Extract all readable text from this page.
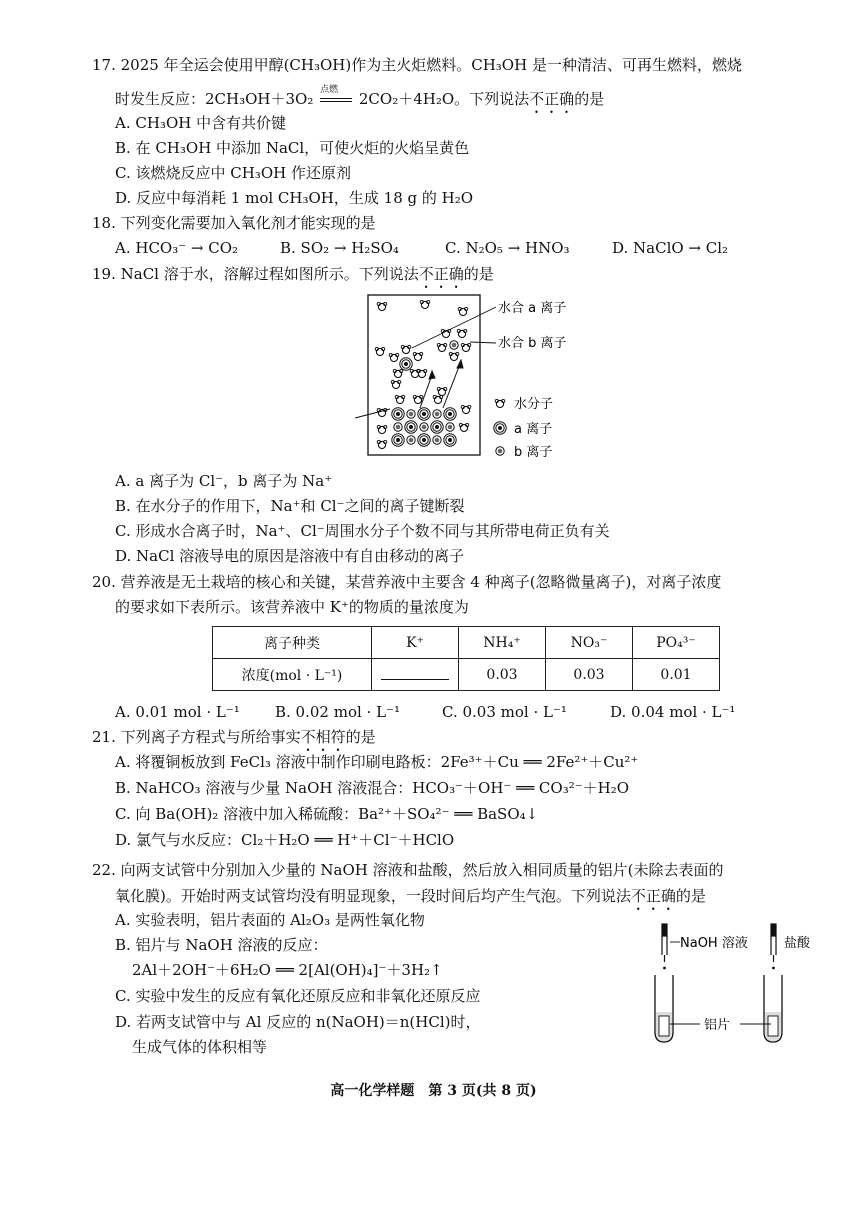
17. 2025 年全运会使用甲醇(CH₃OH)作为主火炬燃料。CH₃OH 是一种清洁、可再生燃料，燃烧
时发生反应：2CH₃OH＋3O₂ 点燃 2CO₂＋4H₂O。下列说法不正确的是
A. CH₃OH 中含有共价键
B. 在 CH₃OH 中添加 NaCl，可使火炬的火焰呈黄色
C. 该燃烧反应中 CH₃OH 作还原剂
D. 反应中每消耗 1 mol CH₃OH，生成 18 g 的 H₂O
18. 下列变化需要加入氧化剂才能实现的是
A. HCO₃⁻ → CO₂	B. SO₂ → H₂SO₄	C. N₂O₅ → HNO₃	D. NaClO → Cl₂
19. NaCl 溶于水，溶解过程如图所示。下列说法不正确的是
水合 a 离子
水合 b 离子
水分子
a 离子
b 离子
A. a 离子为 Cl⁻，b 离子为 Na⁺
B. 在水分子的作用下，Na⁺和 Cl⁻之间的离子键断裂
C. 形成水合离子时，Na⁺、Cl⁻周围水分子个数不同与其所带电荷正负有关
D. NaCl 溶液导电的原因是溶液中有自由移动的离子
20. 营养液是无土栽培的核心和关键，某营养液中主要含 4 种离子(忽略微量离子)，对离子浓度
的要求如下表所示。该营养液中 K⁺的物质的量浓度为
离子种类	K⁺	NH₄⁺	NO₃⁻	PO₄³⁻
浓度(mol · L⁻¹)		0.03	0.03	0.01
A. 0.01 mol · L⁻¹ B. 0.02 mol · L⁻¹	C. 0.03 mol · L⁻¹	D. 0.04 mol · L⁻¹
21. 下列离子方程式与所给事实不相符的是
A. 将覆铜板放到 FeCl₃ 溶液中制作印刷电路板：2Fe³⁺＋Cu ══ 2Fe²⁺＋Cu²⁺
B. NaHCO₃ 溶液与少量 NaOH 溶液混合：HCO₃⁻＋OH⁻ ══ CO₃²⁻＋H₂O
C. 向 Ba(OH)₂ 溶液中加入稀硫酸：Ba²⁺＋SO₄²⁻ ══ BaSO₄↓
D. 氯气与水反应：Cl₂＋H₂O ══ H⁺＋Cl⁻＋HClO
22. 向两支试管中分别加入少量的 NaOH 溶液和盐酸，然后放入相同质量的铝片(未除去表面的
氧化膜)。开始时两支试管均没有明显现象，一段时间后均产生气泡。下列说法不正确的是
A. 实验表明，铝片表面的 Al₂O₃ 是两性氧化物
B. 铝片与 NaOH 溶液的反应：
2Al＋2OH⁻＋6H₂O ══ 2[Al(OH)₄]⁻＋3H₂↑
C. 实验中发生的反应有氧化还原反应和非氧化还原反应
D. 若两支试管中与 Al 反应的 n(NaOH)＝n(HCl)时，
生成气体的体积相等
NaOH 溶液	盐酸
铝片
高一化学样题　第 3 页(共 8 页)
